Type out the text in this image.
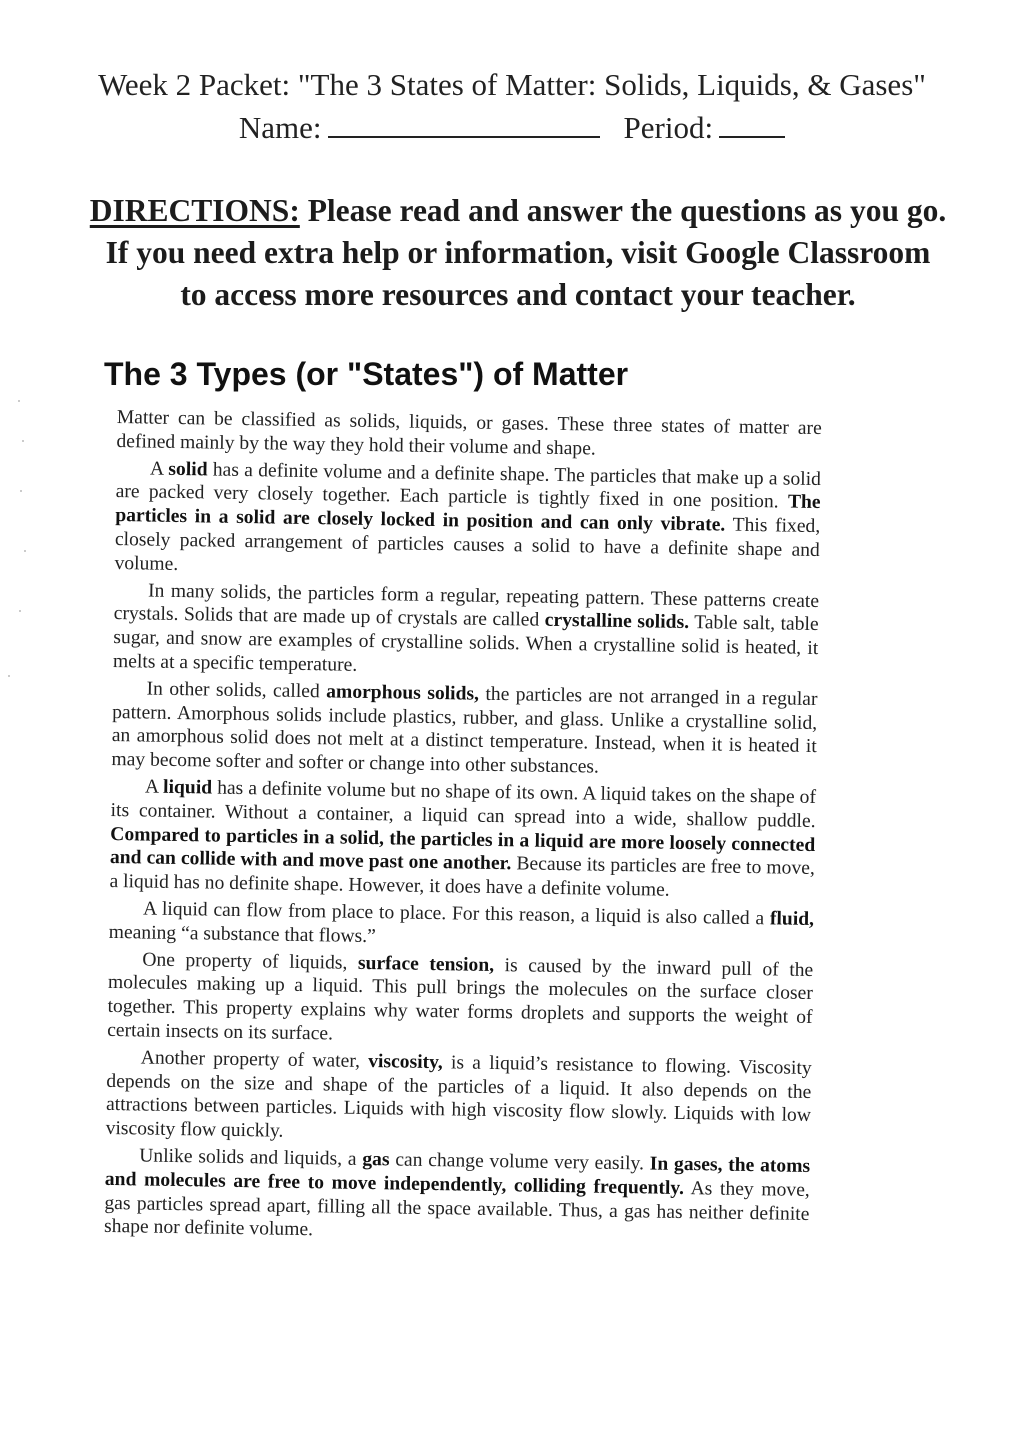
Week 2 Packet: "The 3 States of Matter: Solids, Liquids, & Gases"
Name:	Period:
DIRECTIONS: Please read and answer the questions as you go.
If you need extra help or information, visit Google Classroom
to access more resources and contact your teacher.
The 3 Types (or "States") of Matter

Matter can be classified as solids, liquids, or gases. These three states of matter are defined mainly by the way they hold their volume and shape.

A solid has a definite volume and a definite shape. The particles that make up a solid are packed very closely together. Each particle is tightly fixed in one position. The particles in a solid are closely locked in position and can only vibrate. This fixed, closely packed arrangement of particles causes a solid to have a definite shape and volume.

In many solids, the particles form a regular, repeating pattern. These patterns create crystals. Solids that are made up of crystals are called crystalline solids. Table salt, table sugar, and snow are examples of crystalline solids. When a crystalline solid is heated, it melts at a specific temperature.

In other solids, called amorphous solids, the particles are not arranged in a regular pattern. Amorphous solids include plastics, rubber, and glass. Unlike a crystalline solid, an amorphous solid does not melt at a distinct temperature. Instead, when it is heated it may become softer and softer or change into other substances.

A liquid has a definite volume but no shape of its own. A liquid takes on the shape of its container. Without a container, a liquid can spread into a wide, shallow puddle. Compared to particles in a solid, the particles in a liquid are more loosely connected and can collide with and move past one another. Because its particles are free to move, a liquid has no definite shape. However, it does have a definite volume.

A liquid can flow from place to place. For this reason, a liquid is also called a fluid, meaning “a substance that flows.”

One property of liquids, surface tension, is caused by the inward pull of the molecules making up a liquid. This pull brings the molecules on the surface closer together. This property explains why water forms droplets and supports the weight of certain insects on its surface.

Another property of water, viscosity, is a liquid’s resistance to flowing. Viscosity depends on the size and shape of the particles of a liquid. It also depends on the attractions between particles. Liquids with high viscosity flow slowly. Liquids with low viscosity flow quickly.

Unlike solids and liquids, a gas can change volume very easily. In gases, the atoms and molecules are free to move independently, colliding frequently. As they move, gas particles spread apart, filling all the space available. Thus, a gas has neither definite shape nor definite volume.
